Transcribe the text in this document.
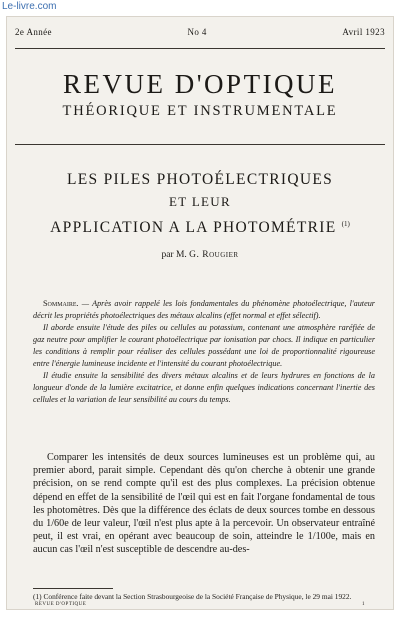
Le-livre.com
2e Année	No 4	Avril 1923
REVUE D'OPTIQUE
THÉORIQUE ET INSTRUMENTALE
LES PILES PHOTOÉLECTRIQUES
ET LEUR
APPLICATION A LA PHOTOMÉTRIE $^{(1)}$
par M. G. Rougier

Sommaire. — Après avoir rappelé les lois fondamentales du phénomène photoélectrique, l'auteur décrit les propriétés photoélectriques des métaux alcalins (effet normal et effet sélectif).

Il aborde ensuite l'étude des piles ou cellules au potassium, contenant une atmosphère raréfiée de gaz neutre pour amplifier le courant photoélectrique par ionisation par chocs. Il indique en particulier les conditions à remplir pour réaliser des cellules possédant une loi de proportionnalité rigoureuse entre l'énergie lumineuse incidente et l'intensité du courant photoélectrique.

Il étudie ensuite la sensibilité des divers métaux alcalins et de leurs hydrures en fonctions de la longueur d'onde de la lumière excitatrice, et donne enfin quelques indications concernant l'inertie des cellules et la variation de leur sensibilité au cours du temps.

Comparer les intensités de deux sources lumineuses est un problème qui, au premier abord, parait simple. Cependant dès qu'on cherche à obtenir une grande précision, on se rend compte qu'il est des plus complexes. La précision obtenue dépend en effet de la sensibilité de l'œil qui est en fait l'organe fondamental de tous les photomètres. Dès que la différence des éclats de deux sources tombe en dessous du 1/60e de leur valeur, l'œil n'est plus apte à la percevoir. Un observateur entraîné peut, il est vrai, en opérant avec beaucoup de soin, atteindre le 1/100e, mais en aucun cas l'œil n'est susceptible de descendre au-des-
(1) Conférence faite devant la Section Strasbourgeoise de la Société Française de Physique, le 29 mai 1922.
REVUE D'OPTIQUE	1
